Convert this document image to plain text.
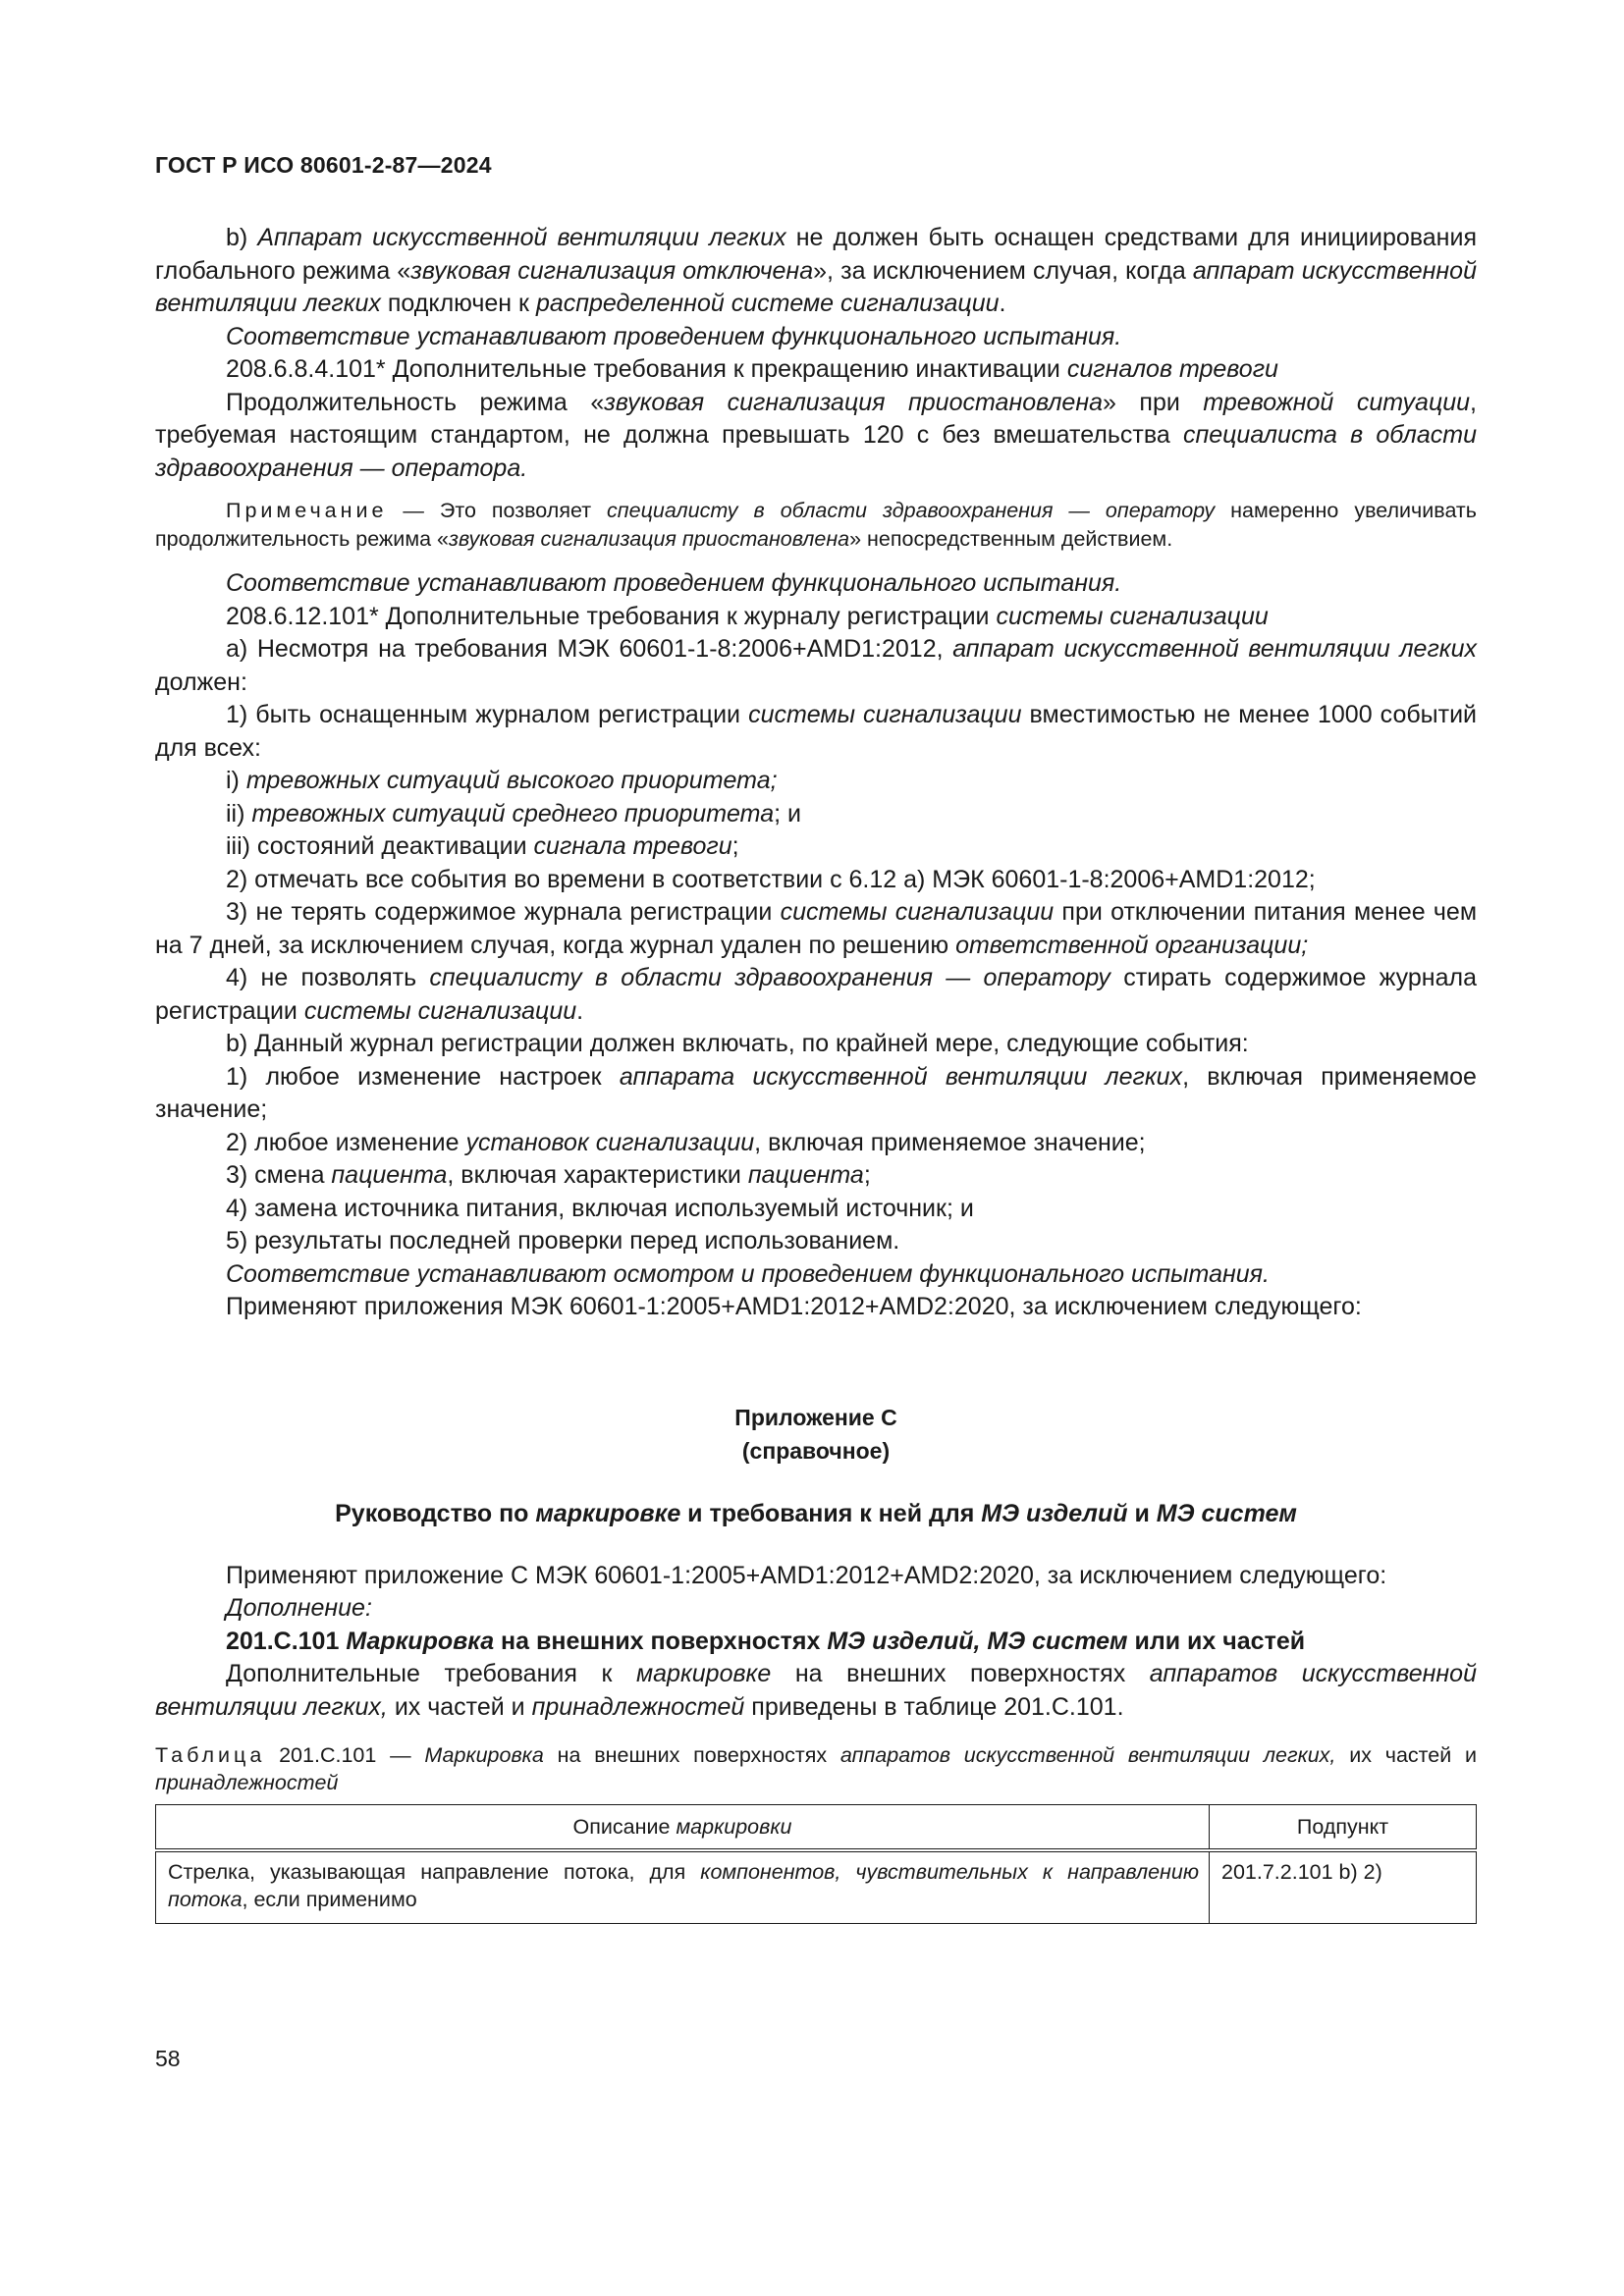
ГОСТ Р ИСО 80601-2-87—2024

b) Аппарат искусственной вентиляции легких не должен быть оснащен средствами для инициирования глобального режима «звуковая сигнализация отключена», за исключением случая, когда аппарат искусственной вентиляции легких подключен к распределенной системе сигнализации.

Соответствие устанавливают проведением функционального испытания.

208.6.8.4.101* Дополнительные требования к прекращению инактивации сигналов тревоги

Продолжительность режима «звуковая сигнализация приостановлена» при тревожной ситуации, требуемая настоящим стандартом, не должна превышать 120 с без вмешательства специалиста в области здравоохранения — оператора.

Примечание — Это позволяет специалисту в области здравоохранения — оператору намеренно увеличивать продолжительность режима «звуковая сигнализация приостановлена» непосредственным действием.

Соответствие устанавливают проведением функционального испытания.

208.6.12.101* Дополнительные требования к журналу регистрации системы сигнализации

a) Несмотря на требования МЭК 60601-1-8:2006+AMD1:2012, аппарат искусственной вентиляции легких должен:

1) быть оснащенным журналом регистрации системы сигнализации вместимостью не менее 1000 событий для всех:

i) тревожных ситуаций высокого приоритета;

ii) тревожных ситуаций среднего приоритета; и

iii) состояний деактивации сигнала тревоги;

2) отмечать все события во времени в соответствии с 6.12 a) МЭК 60601-1-8:2006+AMD1:2012;

3) не терять содержимое журнала регистрации системы сигнализации при отключении питания менее чем на 7 дней, за исключением случая, когда журнал удален по решению ответственной организации;

4) не позволять специалисту в области здравоохранения — оператору стирать содержимое журнала регистрации системы сигнализации.

b) Данный журнал регистрации должен включать, по крайней мере, следующие события:

1) любое изменение настроек аппарата искусственной вентиляции легких, включая применяемое значение;

2) любое изменение установок сигнализации, включая применяемое значение;

3) смена пациента, включая характеристики пациента;

4) замена источника питания, включая используемый источник; и

5) результаты последней проверки перед использованием.

Соответствие устанавливают осмотром и проведением функционального испытания.

Применяют приложения МЭК 60601-1:2005+AMD1:2012+AMD2:2020, за исключением следующего:

Приложение С

(справочное)

Руководство по маркировке и требования к ней для МЭ изделий и МЭ систем

Применяют приложение С МЭК 60601-1:2005+AMD1:2012+AMD2:2020, за исключением следующего:

Дополнение:

201.C.101 Маркировка на внешних поверхностях МЭ изделий, МЭ систем или их частей

Дополнительные требования к маркировке на внешних поверхностях аппаратов искусственной вентиляции легких, их частей и принадлежностей приведены в таблице 201.C.101.

Таблица 201.C.101 — Маркировка на внешних поверхностях аппаратов искусственной вентиляции легких, их частей и принадлежностей

Описание маркировки	Подпункт
Стрелка, указывающая направление потока, для компонентов, чувствительных к направлению потока, если применимо	201.7.2.101 b) 2)
58
